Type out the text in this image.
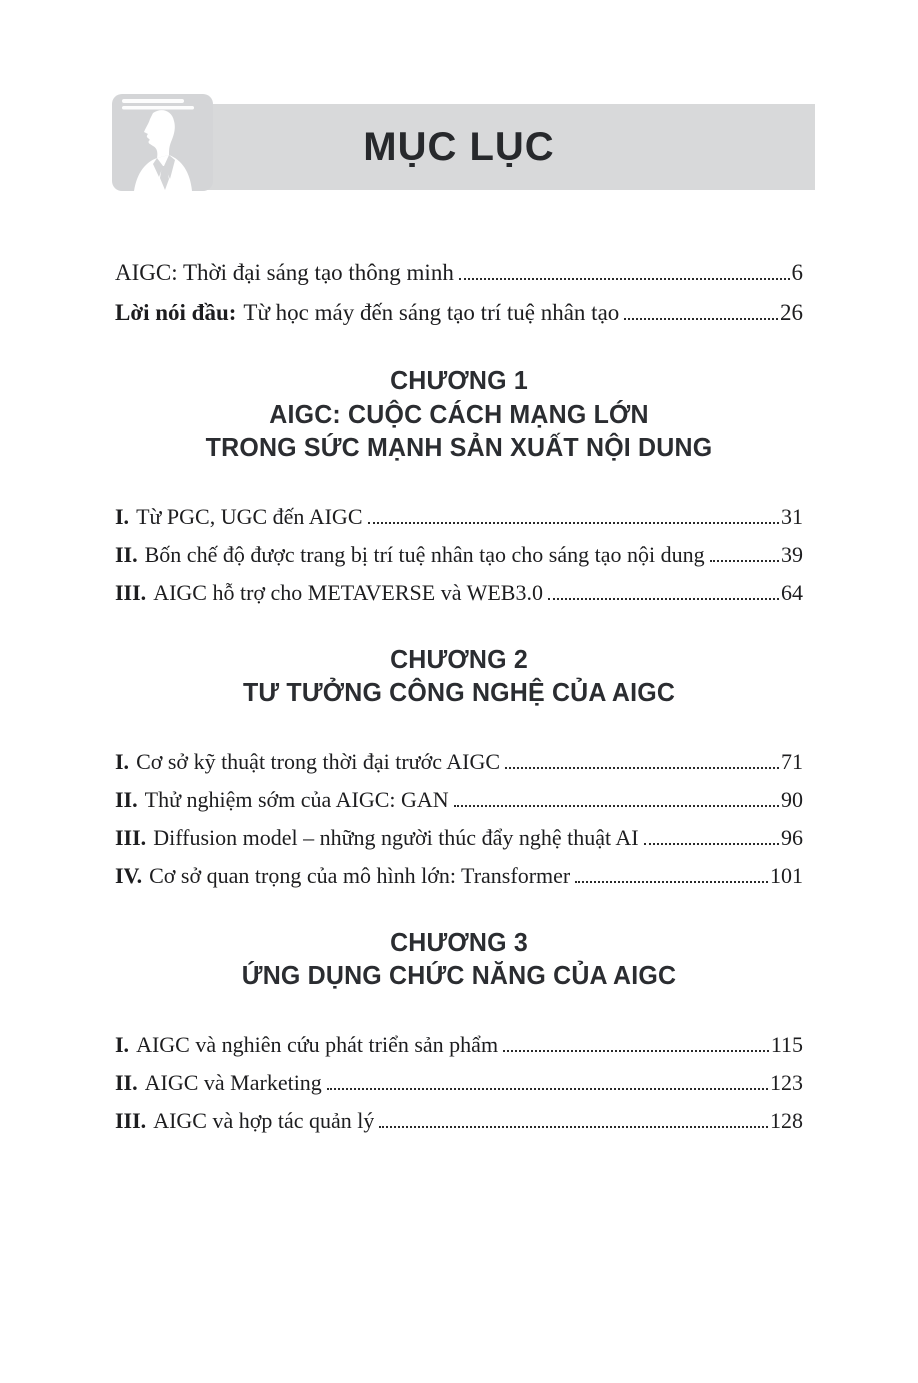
MỤC LỤC
AIGC: Thời đại sáng tạo thông minh	6
Lời nói đầu: Từ học máy đến sáng tạo trí tuệ nhân tạo	26
CHƯƠNG 1
AIGC: CUỘC CÁCH MẠNG LỚN
TRONG SỨC MẠNH SẢN XUẤT NỘI DUNG
I. Từ PGC, UGC đến AIGC	31
II. Bốn chế độ được trang bị trí tuệ nhân tạo cho sáng tạo nội dung	39
III. AIGC hỗ trợ cho METAVERSE và WEB3.0	64
CHƯƠNG 2
TƯ TƯỞNG CÔNG NGHỆ CỦA AIGC
I. Cơ sở kỹ thuật trong thời đại trước AIGC	71
II. Thử nghiệm sớm của AIGC: GAN	90
III. Diffusion model – những người thúc đẩy nghệ thuật AI	96
IV. Cơ sở quan trọng của mô hình lớn: Transformer	101
CHƯƠNG 3
ỨNG DỤNG CHỨC NĂNG CỦA AIGC
I. AIGC và nghiên cứu phát triển sản phẩm	115
II. AIGC và Marketing	123
III. AIGC và hợp tác quản lý	128
